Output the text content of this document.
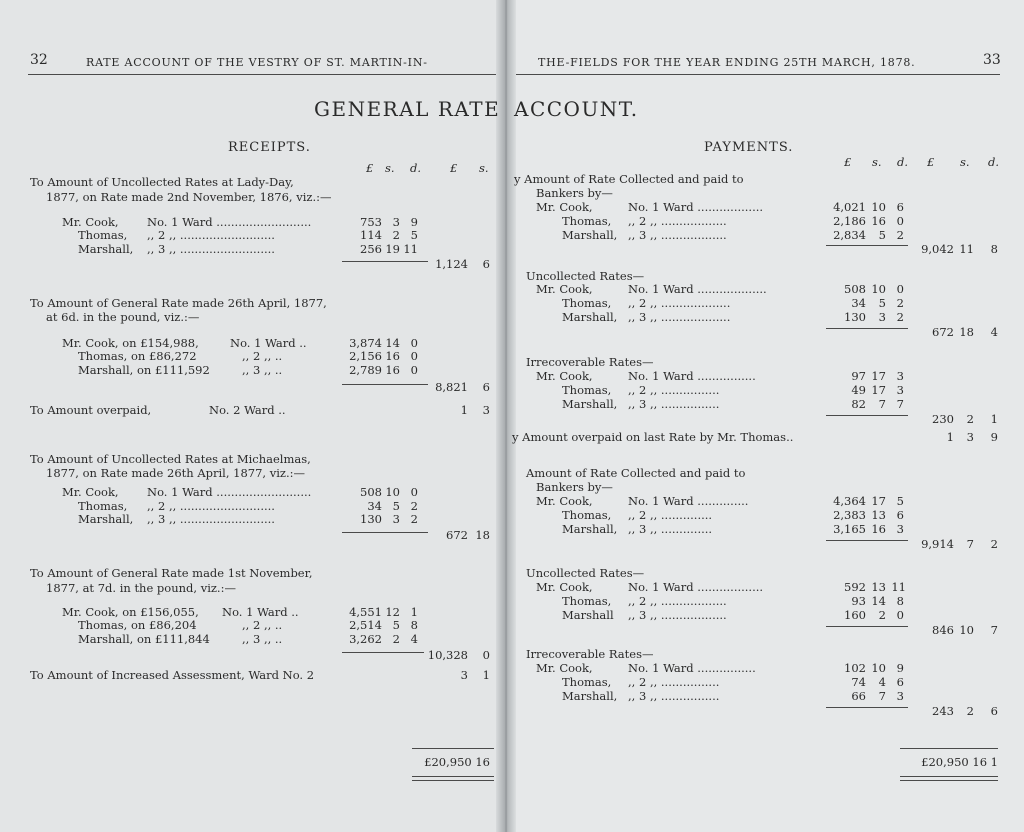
32	RATE ACCOUNT OF THE VESTRY OF ST. MARTIN-IN-	THE-FIELDS FOR THE YEAR ENDING 25TH MARCH, 1878.	33
GENERAL RATE ACCOUNT.
RECEIPTS.
£ s. d.	£ s.
To Amount of Uncollected Rates at Lady-Day,
1877, on Rate made 2nd November, 1876, viz.:—
Mr. Cook, No. 1 Ward ..........................	753 3 9
Thomas, ,, 2 ,, ..........................	114 2 5
Marshall, ,, 3 ,, ..........................	256 19 11
1,124	6
To Amount of General Rate made 26th April, 1877,
at 6d. in the pound, viz.:—
Mr. Cook, on £154,988,	No. 1 Ward ..	3,874 14 0
Thomas, on £86,272	,, 2 ,, ..	2,156 16 0
Marshall, on £111,592	,, 3 ,, ..	2,789 16 0
8,821	6
To Amount overpaid,	No. 2 Ward ..	1	3
To Amount of Uncollected Rates at Michaelmas,
1877, on Rate made 26th April, 1877, viz.:—
Mr. Cook, No. 1 Ward ..........................	508 10 0
Thomas, ,, 2 ,, ..........................	34 5 2
Marshall, ,, 3 ,, ..........................	130 3 2
672 18
To Amount of General Rate made 1st November,
1877, at 7d. in the pound, viz.:—
Mr. Cook, on £156,055, No. 1 Ward ..	4,551 12 1
Thomas, on £86,204	,, 2 ,, ..	2,514 5 8
Marshall, on £111,844	,, 3 ,, ..	3,262 2 4
10,328	0
To Amount of Increased Assessment, Ward No. 2	3	1
£20,950 16
PAYMENTS.
£ s. d. £ s. d.
y Amount of Rate Collected and paid to
Bankers by—
Mr. Cook,	No. 1 Ward ..................	4,021 10 6
Thomas, ,, 2 ,, ..................	2,186 16 0
Marshall, ,, 3 ,, ..................	2,834	5 2
9,042 11	8
Uncollected Rates—
Mr. Cook,	No. 1 Ward ...................	508 10 0
Thomas, ,, 2 ,, ...................	34	5 2
Marshall, ,, 3 ,, ...................	130	3 2
672 18	4
Irrecoverable Rates—
Mr. Cook,	No. 1 Ward ................	97 17 3
Thomas, ,, 2 ,, ................	49 17 3
Marshall, ,, 3 ,, ................	82	7 7
230	2	1
y Amount overpaid on last Rate by Mr. Thomas..	1	3	9
Amount of Rate Collected and paid to
Bankers by—
Mr. Cook,	No. 1 Ward ..............	4,364 17 5
Thomas, ,, 2 ,, ..............	2,383 13 6
Marshall, ,, 3 ,, ..............	3,165 16 3
9,914	7	2
Uncollected Rates—
Mr. Cook,	No. 1 Ward ..................	592 13 11
Thomas, ,, 2 ,, ..................	93 14 8
Marshall ,, 3 ,, ..................	160	2 0
846 10	7
Irrecoverable Rates—
Mr. Cook,	No. 1 Ward ................	102 10 9
Thomas, ,, 2 ,, ................	74	4 6
Marshall, ,, 3 ,, ................	66	7 3
243	2	6
£20,950 16 1
